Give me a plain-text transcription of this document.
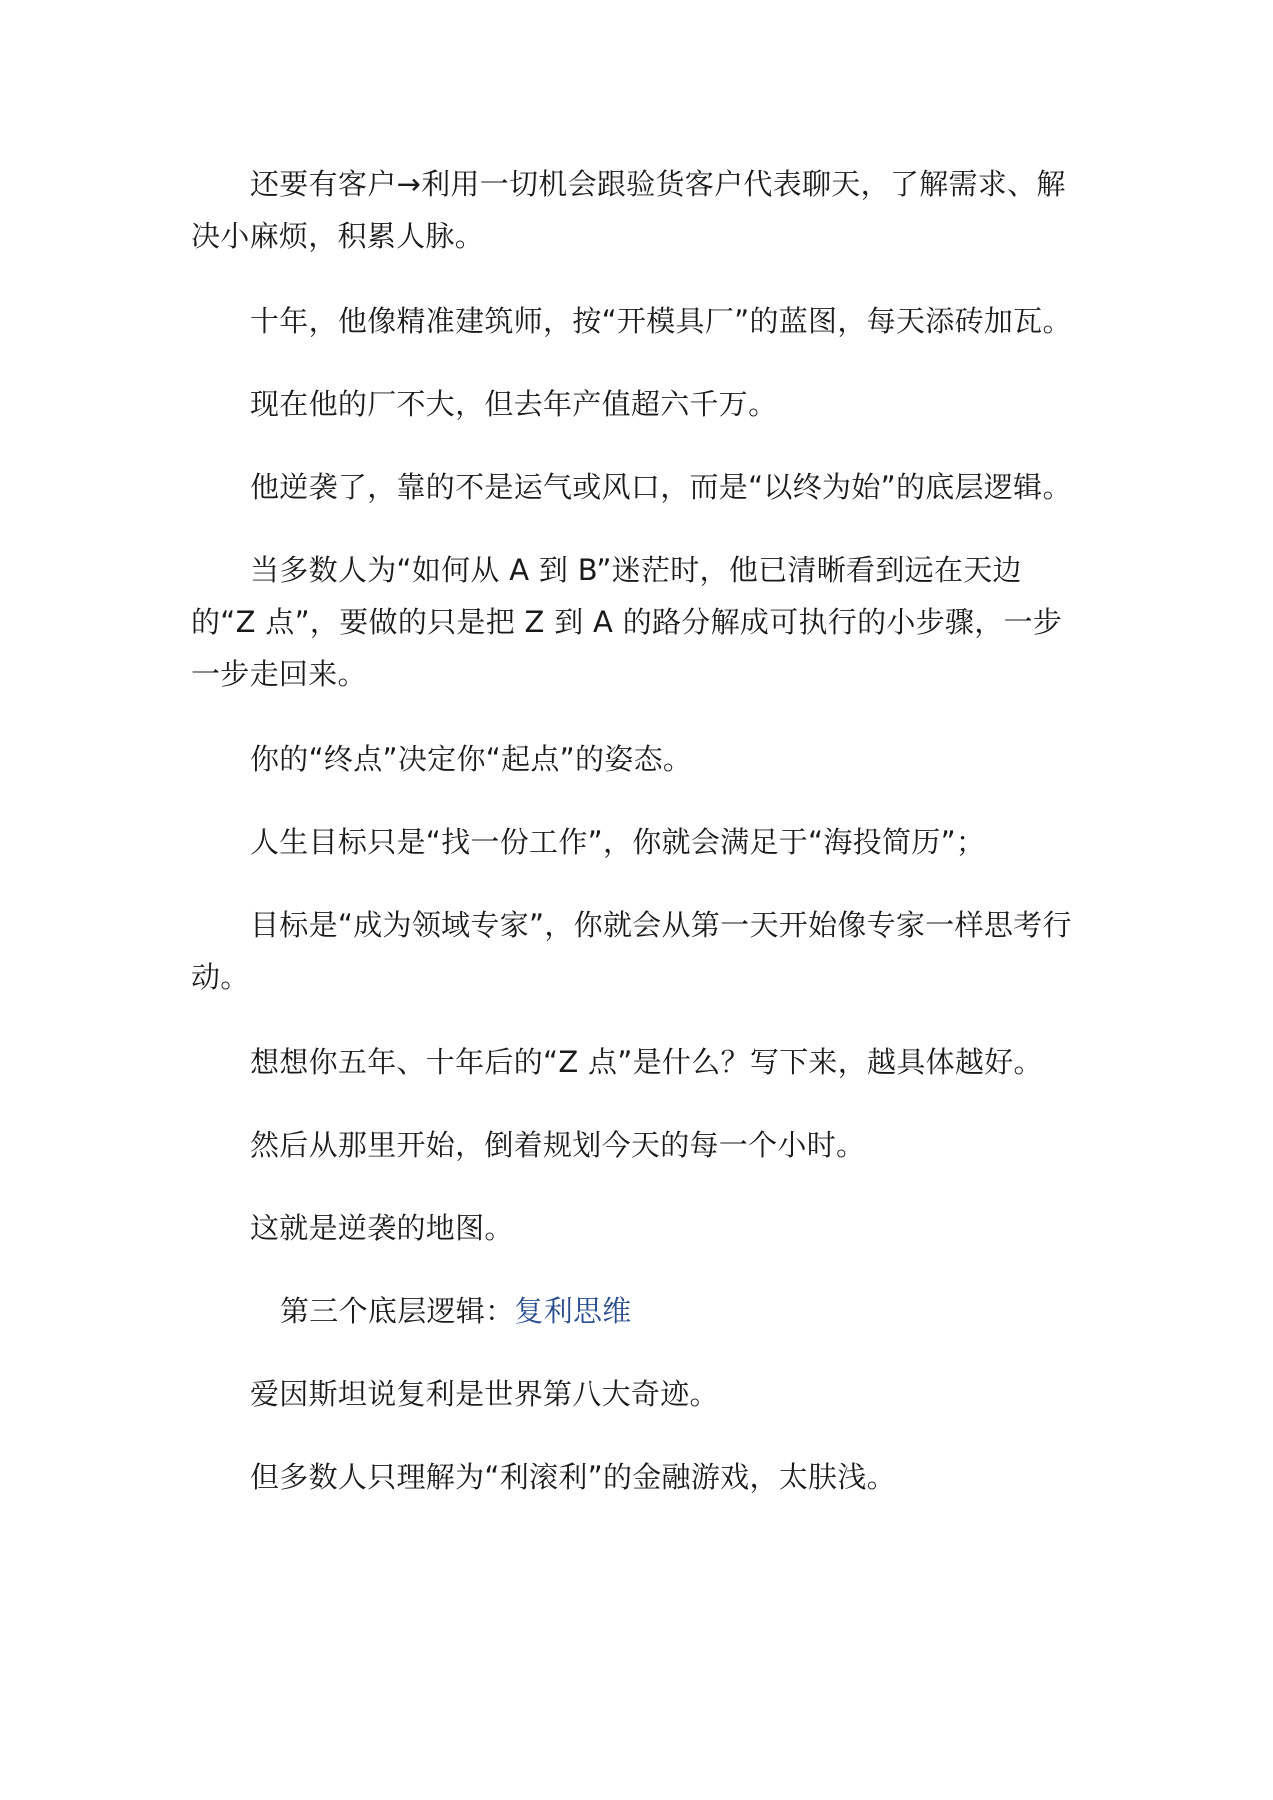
还要有客户→利用一切机会跟验货客户代表聊天，了解需求、解决小麻烦，积累人脉。

十年，他像精准建筑师，按“开模具厂”的蓝图，每天添砖加瓦。

现在他的厂不大，但去年产值超六千万。

他逆袭了，靠的不是运气或风口，而是“以终为始”的底层逻辑。

当多数人为“如何从 A 到 B”迷茫时，他已清晰看到远在天边的“Z 点”，要做的只是把 Z 到 A 的路分解成可执行的小步骤，一步一步走回来。

你的“终点”决定你“起点”的姿态。

人生目标只是“找一份工作”，你就会满足于“海投简历”；

目标是“成为领域专家”，你就会从第一天开始像专家一样思考行动。

想想你五年、十年后的“Z 点”是什么？写下来，越具体越好。

然后从那里开始，倒着规划今天的每一个小时。

这就是逆袭的地图。

第三个底层逻辑：复利思维

爱因斯坦说复利是世界第八大奇迹。

但多数人只理解为“利滚利”的金融游戏，太肤浅。
